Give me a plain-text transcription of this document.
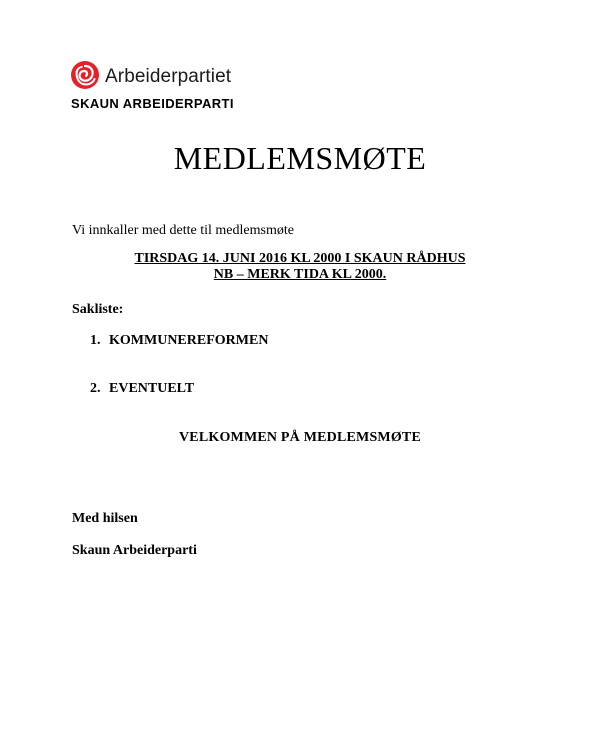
Arbeiderpartiet
SKAUN ARBEIDERPARTI
MEDLEMSMØTE
Vi innkaller med dette til medlemsmøte
TIRSDAG 14. JUNI 2016 KL 2000 I SKAUN RÅDHUS
NB – MERK TIDA KL 2000.
Sakliste:
1. KOMMUNEREFORMEN
2. EVENTUELT
VELKOMMEN PÅ MEDLEMSMØTE
Med hilsen
Skaun Arbeiderparti
